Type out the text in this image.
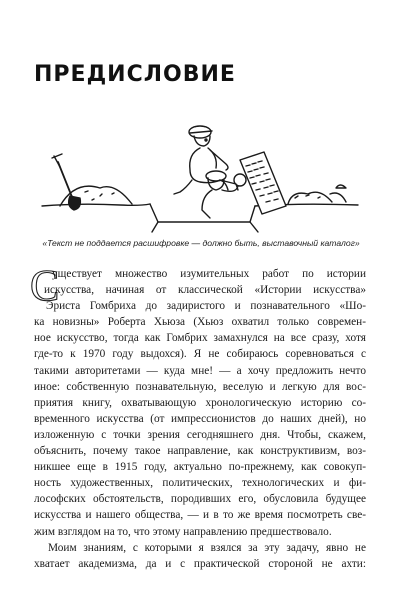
ПРЕДИСЛОВИЕ

«Текст не поддается расшифровке — должно быть, выставочный каталог»

С
уществует множество изумительных работ по истории
искусства, начиная от классической «Истории искусства»
Эриста Гомбриха до задиристого и познавательного «Шо-
ка новизны» Роберта Хьюза (Хьюз охватил только современ-
ное искусство, тогда как Гомбрих замахнулся на все сразу, хотя
где-то к 1970 году выдохся). Я не собираюсь соревноваться с
такими авторитетами — куда мне! — а хочу предложить нечто
иное: собственную познавательную, веселую и легкую для вос-
приятия книгу, охватывающую хронологическую историю со-
временного искусства (от импрессионистов до наших дней), но
изложенную с точки зрения сегодняшнего дня. Чтобы, скажем,
объяснить, почему такое направление, как конструктивизм, воз-
никшее еще в 1915 году, актуально по-прежнему, как совокуп-
ность художественных, политических, технологических и фи-
лософских обстоятельств, породивших его, обусловила будущее
искусства и нашего общества, — и в то же время посмотреть све-
жим взглядом на то, что этому направлению предшествовало.
Моим знаниям, с которыми я взялся за эту задачу, явно не
хватает академизма, да и с практической стороной не ахти:
